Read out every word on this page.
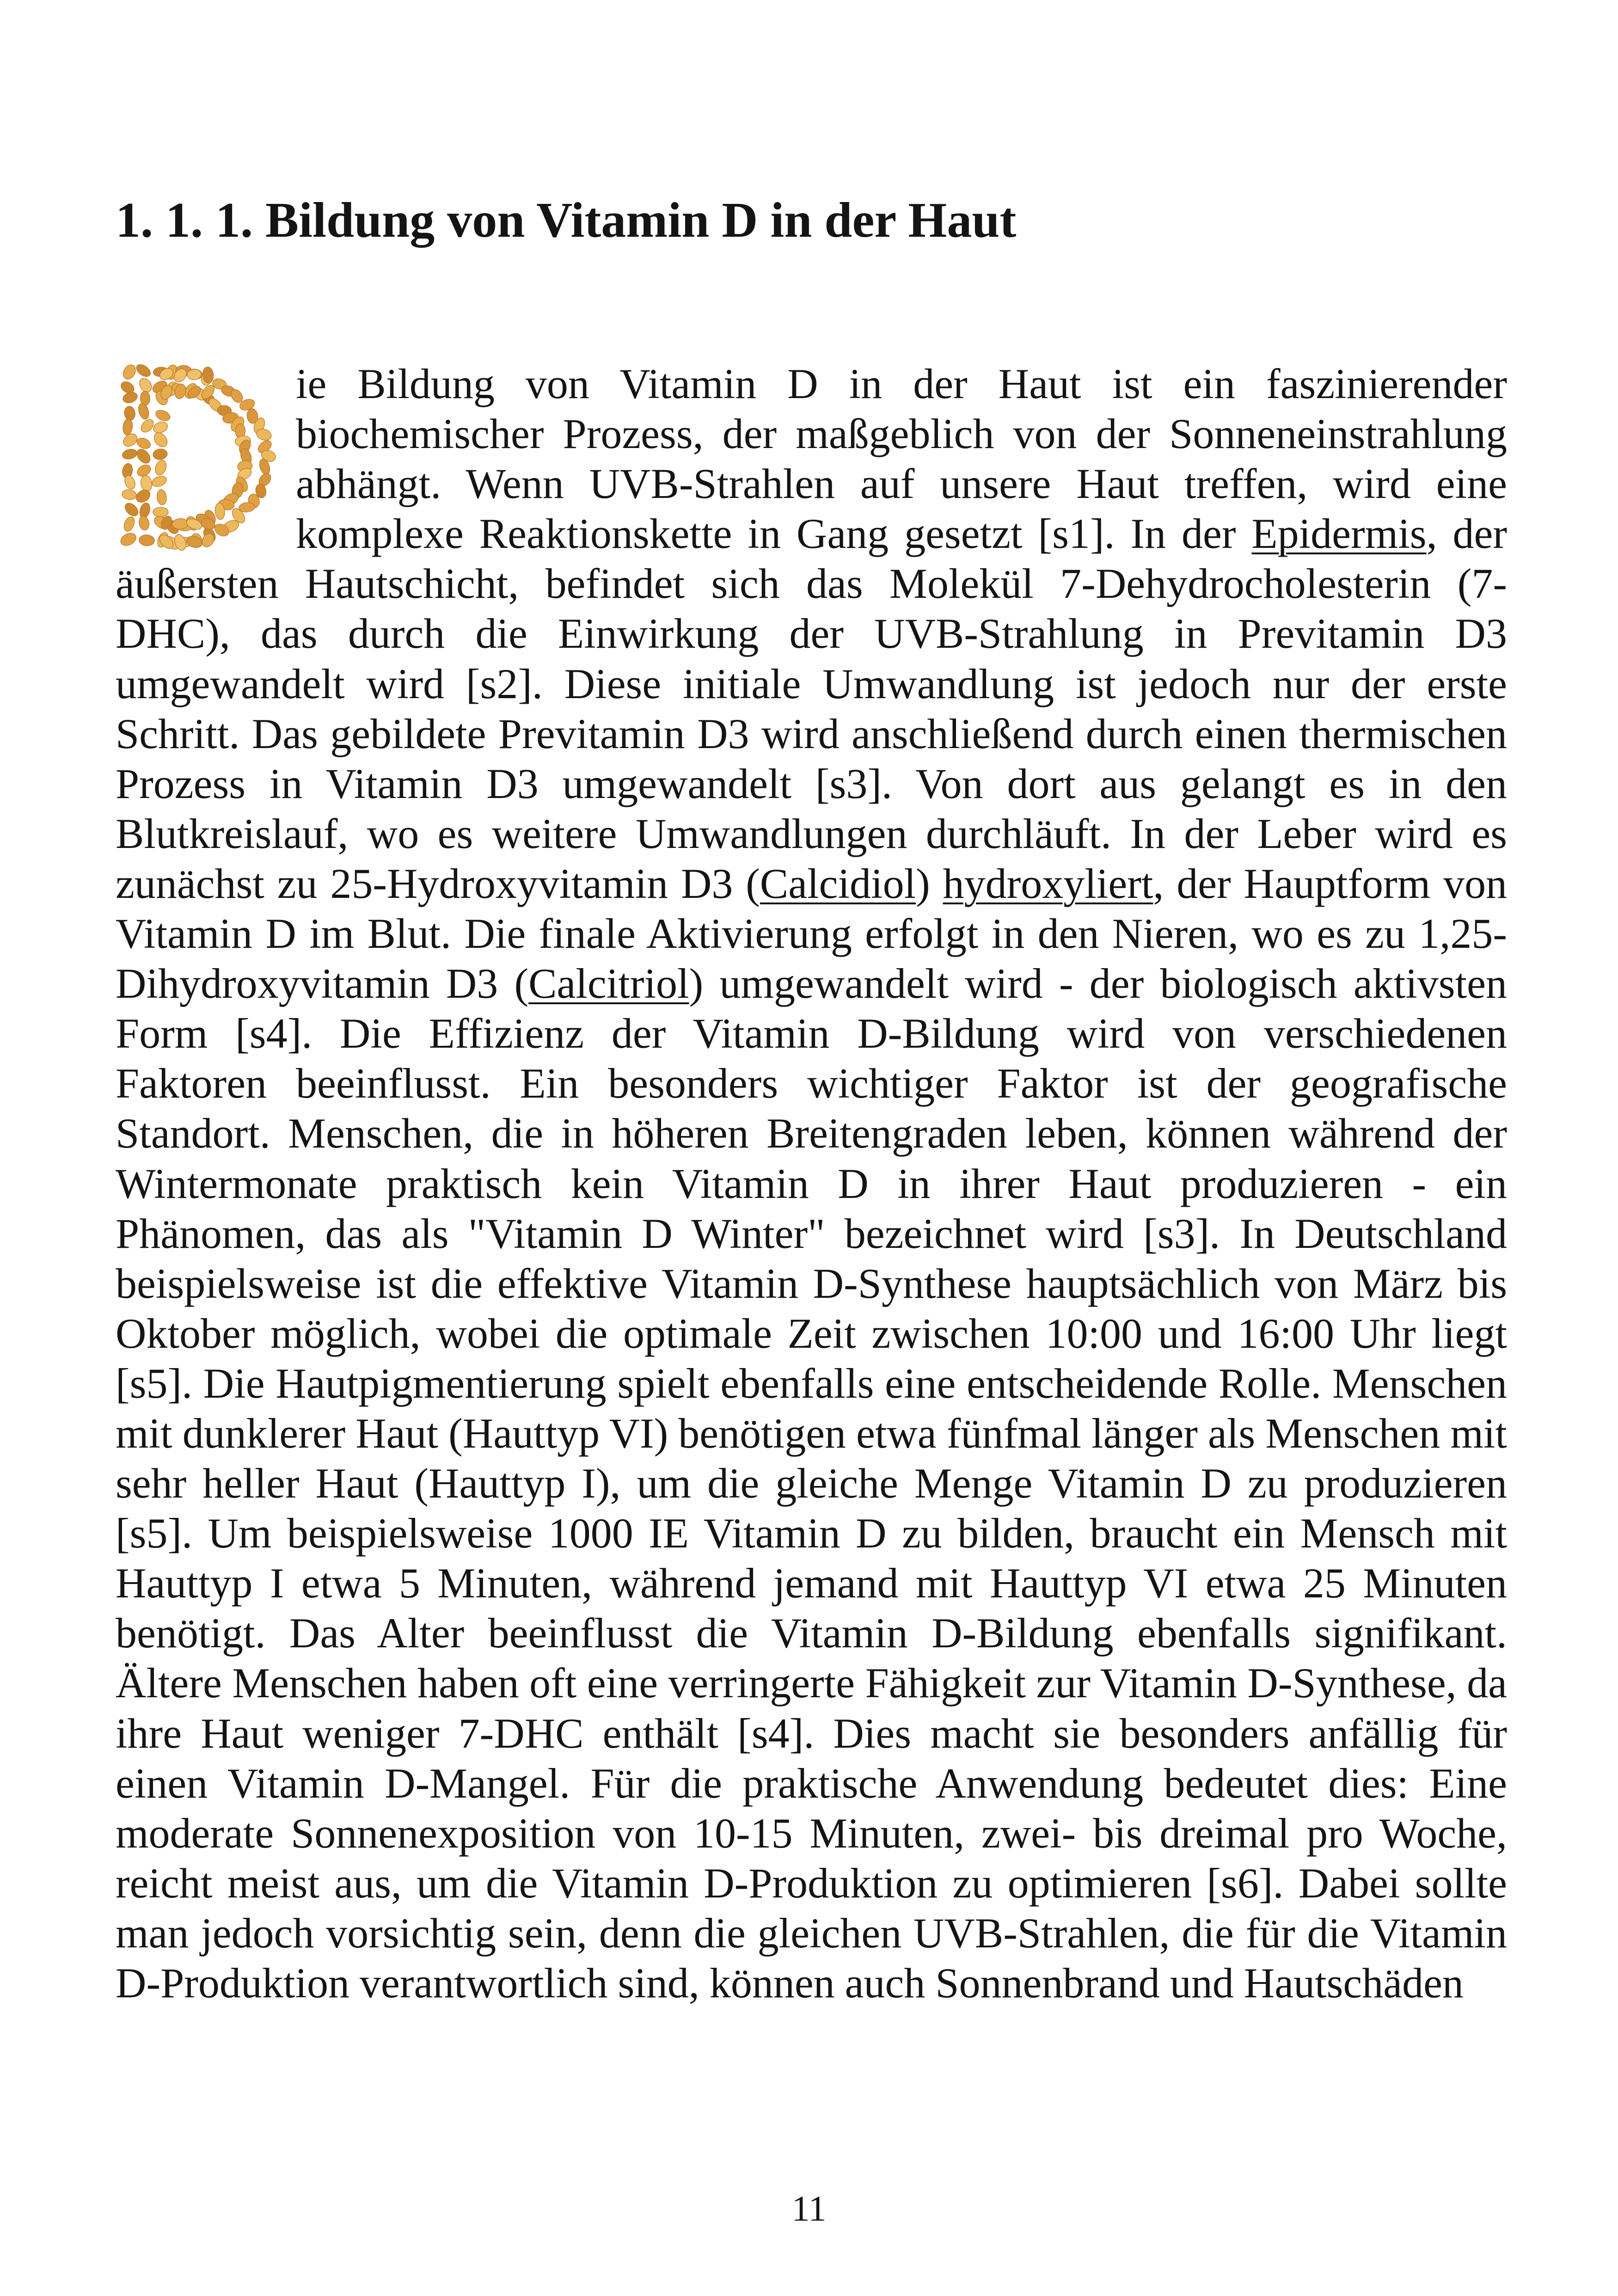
1. 1. 1. Bildung von Vitamin D in der Haut

ie Bildung von Vitamin D in der Haut ist ein faszinierender biochemischer Prozess, der maßgeblich von der Sonneneinstrahlung abhängt. Wenn UVB-Strahlen auf unsere Haut treffen, wird eine komplexe Reaktionskette in Gang gesetzt [s1]. In der Epidermis, der äußersten Hautschicht, befindet sich das Molekül 7-Dehydrocholesterin (7-DHC), das durch die Einwirkung der UVB-Strahlung in Previtamin D3 umgewandelt wird [s2]. Diese initiale Umwandlung ist jedoch nur der erste Schritt. Das gebildete Previtamin D3 wird anschließend durch einen thermischen Prozess in Vitamin D3 umgewandelt [s3]. Von dort aus gelangt es in den Blutkreislauf, wo es weitere Umwandlungen durchläuft. In der Leber wird es zunächst zu 25-Hydroxyvitamin D3 (Calcidiol) hydroxyliert, der Hauptform von Vitamin D im Blut. Die finale Aktivierung erfolgt in den Nieren, wo es zu 1,25-Dihydroxyvitamin D3 (Calcitriol) umgewandelt wird - der biologisch aktivsten Form [s4]. Die Effizienz der Vitamin D-Bildung wird von verschiedenen Faktoren beeinflusst. Ein besonders wichtiger Faktor ist der geografische Standort. Menschen, die in höheren Breitengraden leben, können während der Wintermonate praktisch kein Vitamin D in ihrer Haut produzieren - ein Phänomen, das als "Vitamin D Winter" bezeichnet wird [s3]. In Deutschland beispielsweise ist die effektive Vitamin D-Synthese hauptsächlich von März bis Oktober möglich, wobei die optimale Zeit zwischen 10:00 und 16:00 Uhr liegt [s5]. Die Hautpigmentierung spielt ebenfalls eine entscheidende Rolle. Menschen mit dunklerer Haut (Hauttyp VI) benötigen etwa fünfmal länger als Menschen mit sehr heller Haut (Hauttyp I), um die gleiche Menge Vitamin D zu produzieren [s5]. Um beispielsweise 1000 IE Vitamin D zu bilden, braucht ein Mensch mit Hauttyp I etwa 5 Minuten, während jemand mit Hauttyp VI etwa 25 Minuten benötigt. Das Alter beeinflusst die Vitamin D-Bildung ebenfalls signifikant. Ältere Menschen haben oft eine verringerte Fähigkeit zur Vitamin D-Synthese, da ihre Haut weniger 7-DHC enthält [s4]. Dies macht sie besonders anfällig für einen Vitamin D-Mangel. Für die praktische Anwendung bedeutet dies: Eine moderate Sonnenexposition von 10-15 Minuten, zwei- bis dreimal pro Woche, reicht meist aus, um die Vitamin D-Produktion zu optimieren [s6]. Dabei sollte man jedoch vorsichtig sein, denn die gleichen UVB-Strahlen, die für die Vitamin D-Produktion verantwortlich sind, können auch Sonnenbrand und Hautschäden

11
